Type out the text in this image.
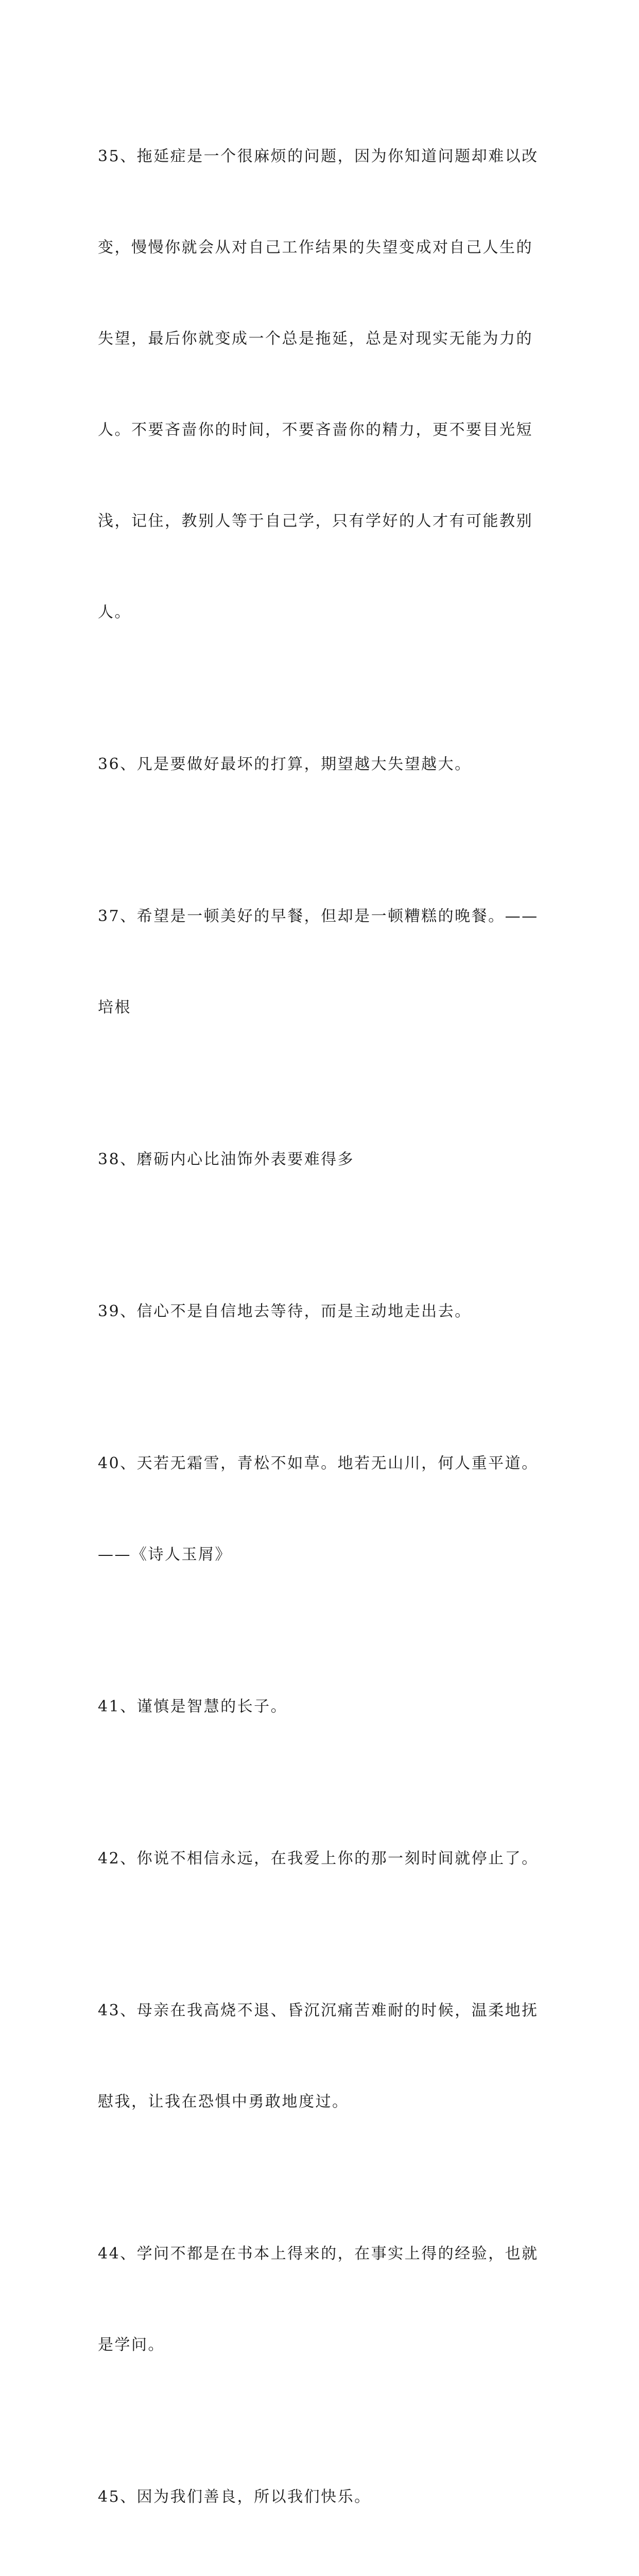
35、拖延症是一个很麻烦的问题，因为你知道问题却难以改

变，慢慢你就会从对自己工作结果的失望变成对自己人生的

失望，最后你就变成一个总是拖延，总是对现实无能为力的

人。不要吝啬你的时间，不要吝啬你的精力，更不要目光短

浅，记住，教别人等于自己学，只有学好的人才有可能教别

人。

36、凡是要做好最坏的打算，期望越大失望越大。

37、希望是一顿美好的早餐，但却是一顿糟糕的晚餐。——

培根

38、磨砺内心比油饰外表要难得多

39、信心不是自信地去等待，而是主动地走出去。

40、天若无霜雪，青松不如草。地若无山川，何人重平道。

——《诗人玉屑》

41、谨慎是智慧的长子。

42、你说不相信永远，在我爱上你的那一刻时间就停止了。

43、母亲在我高烧不退、昏沉沉痛苦难耐的时候，温柔地抚

慰我，让我在恐惧中勇敢地度过。

44、学问不都是在书本上得来的，在事实上得的经验，也就

是学问。

45、因为我们善良，所以我们快乐。
